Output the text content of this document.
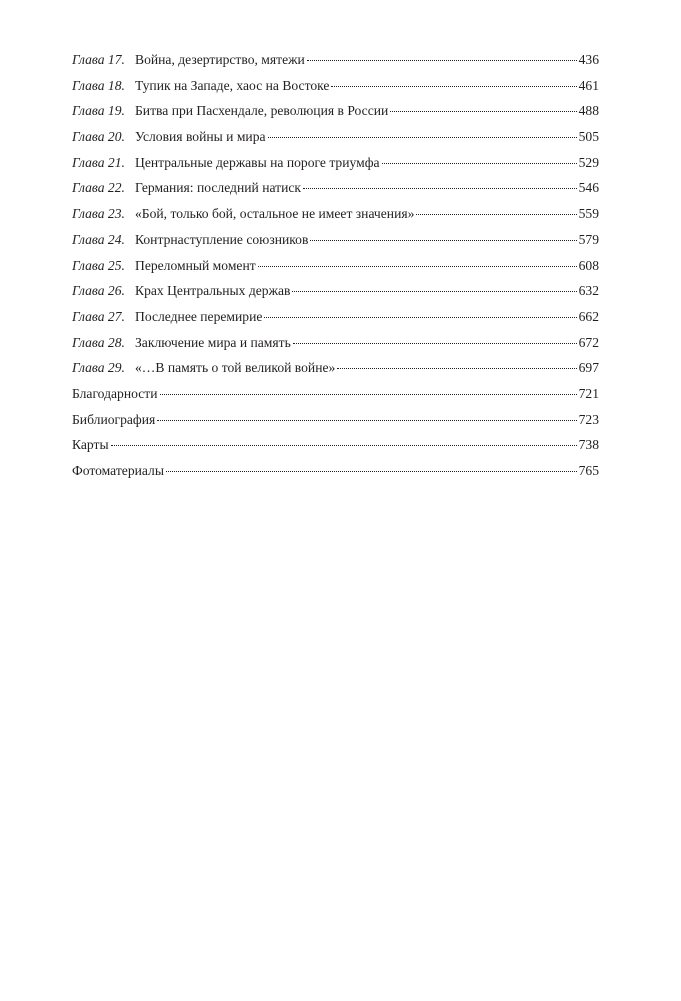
Глава 17. Война, дезертирство, мятежи	436
Глава 18. Тупик на Западе, хаос на Востоке	461
Глава 19. Битва при Пасхендале, революция в России	488
Глава 20. Условия войны и мира	505
Глава 21. Центральные державы на пороге триумфа	529
Глава 22. Германия: последний натиск	546
Глава 23. «Бой, только бой, остальное не имеет значения»	559
Глава 24. Контрнаступление союзников	579
Глава 25. Переломный момент	608
Глава 26. Крах Центральных держав	632
Глава 27. Последнее перемирие	662
Глава 28. Заключение мира и память	672
Глава 29. «…В память о той великой войне»	697
Благодарности	721
Библиография	723
Карты	738
Фотоматериалы	765
